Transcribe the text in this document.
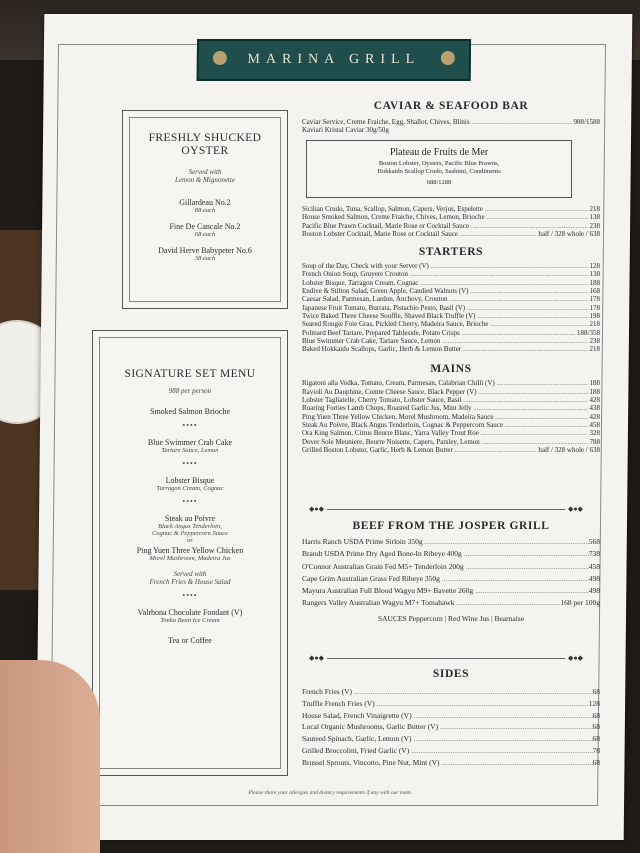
MARINA GRILL
Please share your allergies and dietary requirements if any with our team.
FRESHLY SHUCKED OYSTER
Served with
Lemon & Mignonette
Gillardeau No.2
88 each
Fine De Cancale No.2
68 each
David Herve Babypeter No.6
38 each
SIGNATURE SET MENU
988 per person
Smoked Salmon Brioche
••••
Blue Swimmer Crab Cake
Tartare Sauce, Lemon
••••
Lobster Bisque
Tarragon Cream, Cognac
••••
Steak au Poivre
Black Angus Tenderloin,
Cognac & Peppercorn Sauce
or
Ping Yuen Three Yellow Chicken
Morel Mushroom, Madeira Jus
Served with
French Fries & House Salad
••••
Valrhona Chocolate Fondant (V)
Tonka Bean Ice Cream
Tea or Coffee
CAVIAR & SEAFOOD BAR
Caviar Service, Creme Fraiche, Egg, Shallot, Chives, Blinis .....	988/1588
Kaviari Kristal Caviar 30g/50g
Plateau de Fruits de Mer
Boston Lobster, Oysters, Pacific Blue Prawns,
Hokkaido Scallop Crudo, Sashimi, Condiments
688/1288
Sicilian Crudo, Tuna, Scallop, Salmon, Capers, Verjus, Espelette .....	218
House Smoked Salmon, Creme Fraiche, Chives, Lemon, Brioche .....	138
Pacific Blue Prawn Cocktail, Marie Rose or Cocktail Sauce .....	238
Boston Lobster Cocktail, Marie Rose or Cocktail Sauce .....	half / 328 whole / 638
STARTERS
Soup of the Day, Check with your Server (V) .....	128
French Onion Soup, Gruyere Crouton .....	138
Lobster Bisque, Tarragon Cream, Cognac .....	188
Endive & Stilton Salad, Green Apple, Candied Walnuts (V) .....	168
Caesar Salad, Parmesan, Lardon, Anchovy, Crouton .....	178
Japanese Fruit Tomato, Burrata, Pistachio Pesto, Basil (V) .....	178
Twice Baked Three Cheese Souffle, Shaved Black Truffle (V) .....	198
Seared Rougie Foie Gras, Pickled Cherry, Madeira Sauce, Brioche .....	218
Polmard Beef Tartare, Prepared Tableside, Potato Crisps .....	188/358
Blue Swimmer Crab Cake, Tartare Sauce, Lemon .....	238
Baked Hokkaido Scallops, Garlic, Herb & Lemon Butter .....	218
MAINS
Rigatoni alla Vodka, Tomato, Cream, Parmesan, Calabrian Chilli (V) .....	188
Ravioli Au Dauphine, Comte Cheese Sauce, Black Pepper (V) .....	188
Lobster Tagliatelle, Cherry Tomato, Lobster Sauce, Basil .....	428
Roaring Forties Lamb Chops, Roasted Garlic Jus, Mint Jelly .....	438
Ping Yuen Three Yellow Chicken, Morel Mushroom, Madeira Sauce .....	428
Steak Au Poivre, Black Angus Tenderloin, Cognac & Peppercorn Sauce .....	458
Ora King Salmon, Citrus Beurre Blanc, Yarra Valley Trout Roe .....	328
Dover Sole Meuniere, Beurre Noisette, Capers, Parsley, Lemon .....	788
Grilled Boston Lobster, Garlic, Herb & Lemon Butter .....	half / 328 whole / 638
◆●◆	◆●◆
BEEF FROM THE JOSPER GRILL
Harris Ranch USDA Prime Sirloin 350g .....	568
Brandt USDA Prime Dry Aged Bone-In Ribeye 400g .....	738
O'Connor Australian Grain Fed M5+ Tenderloin 200g .....	458
Cape Grim Australian Grass Fed Ribeye 350g .....	498
Mayura Australian Full Blood Wagyu M9+ Bavette 260g .....	498
Rangers Valley Australian Wagyu M7+ Tomahawk .....	168 per 100g
SAUCES Peppercorn | Red Wine Jus | Bearnaise
◆●◆	◆●◆
SIDES
French Fries (V) .....	68
Truffle French Fries (V) .....	128
House Salad, French Vinaigrette (V) .....	68
Local Organic Mushrooms, Garlic Butter (V) .....	68
Sauteed Spinach, Garlic, Lemon (V) .....	68
Grilled Broccolini, Fried Garlic (V) .....	78
Brussel Sprouts, Vincotto, Pine Nut, Mint (V) .....	68
